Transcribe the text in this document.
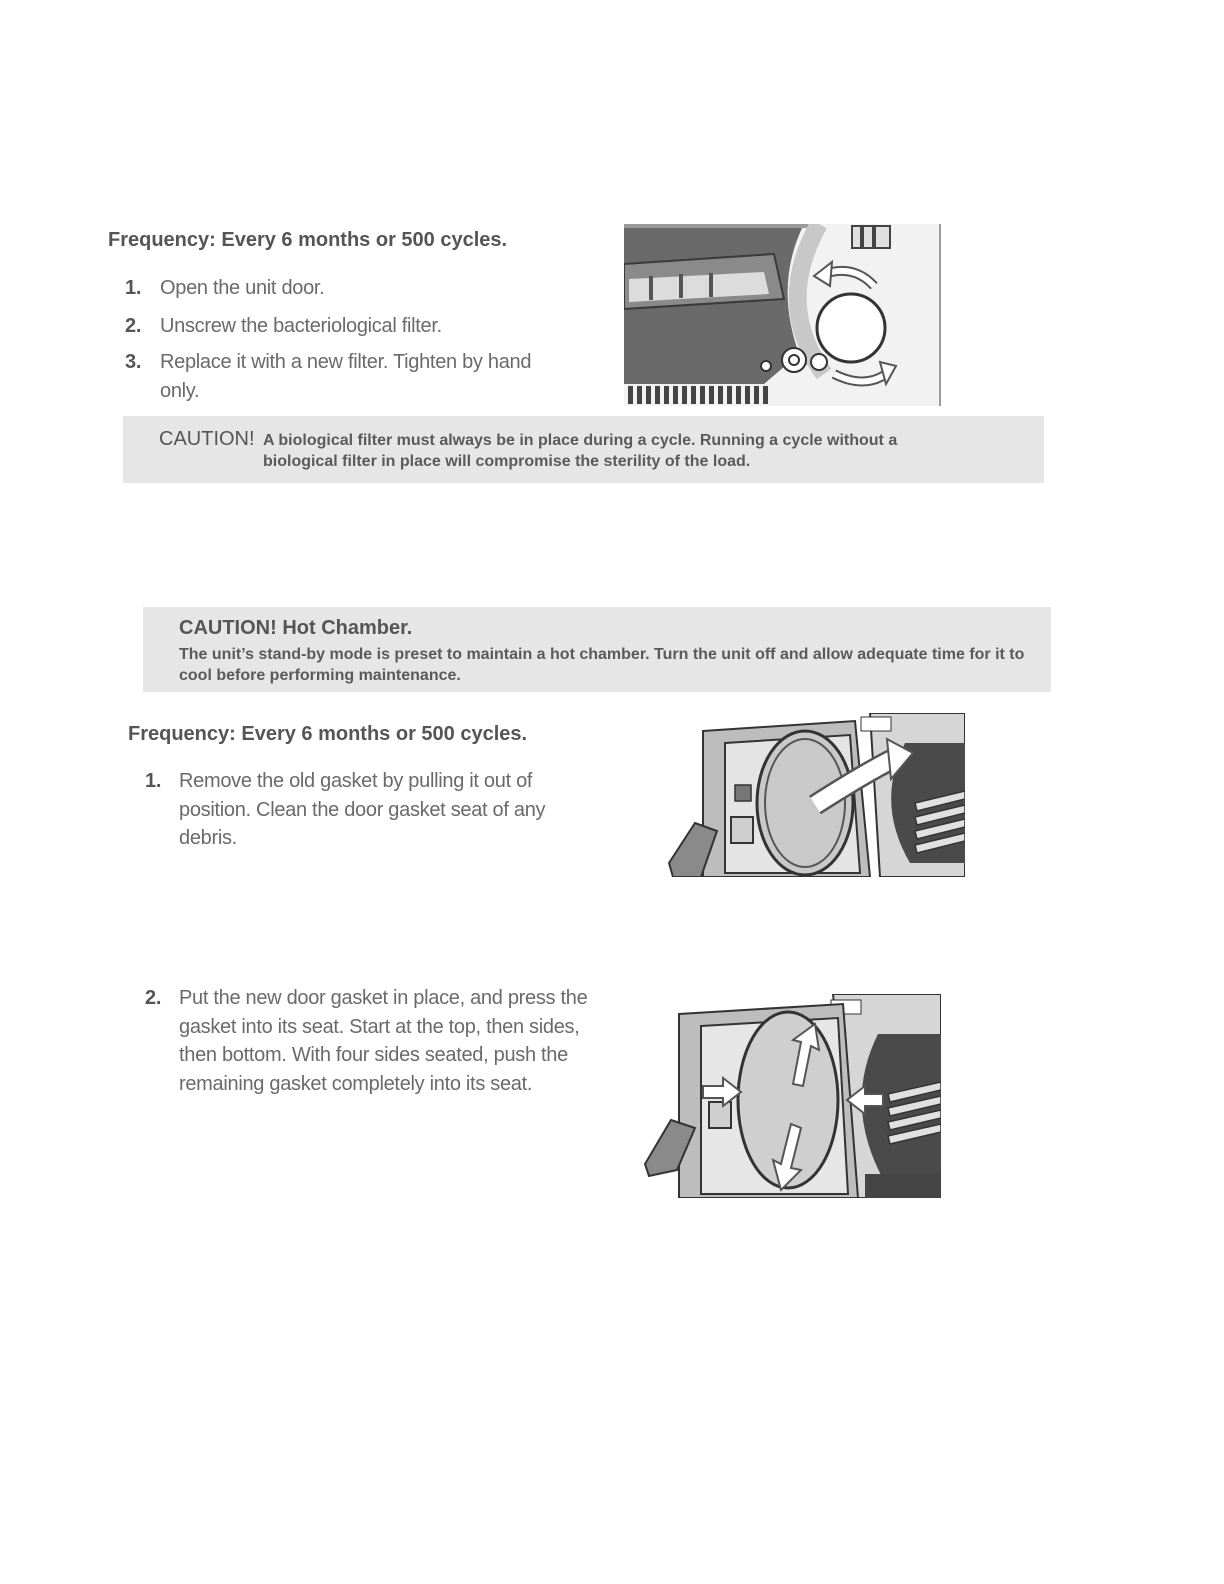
Frequency: Every 6 months or 500 cycles.
1. Open the unit door.
2. Unscrew the bacteriological filter.
3. Replace it with a new filter. Tighten by hand only.
CAUTION! A biological filter must always be in place during a cycle. Running a cycle without a
biological filter in place will compromise the sterility of the load.
CAUTION! Hot Chamber.
The unit’s stand-by mode is preset to maintain a hot chamber. Turn the unit off and allow adequate time for it to cool before performing maintenance.
Frequency: Every 6 months or 500 cycles.
1. Remove the old gasket by pulling it out of position. Clean the door gasket seat of any debris.
2. Put the new door gasket in place, and press the gasket into its seat. Start at the top, then sides, then bottom. With four sides seated, push the remaining gasket completely into its seat.
